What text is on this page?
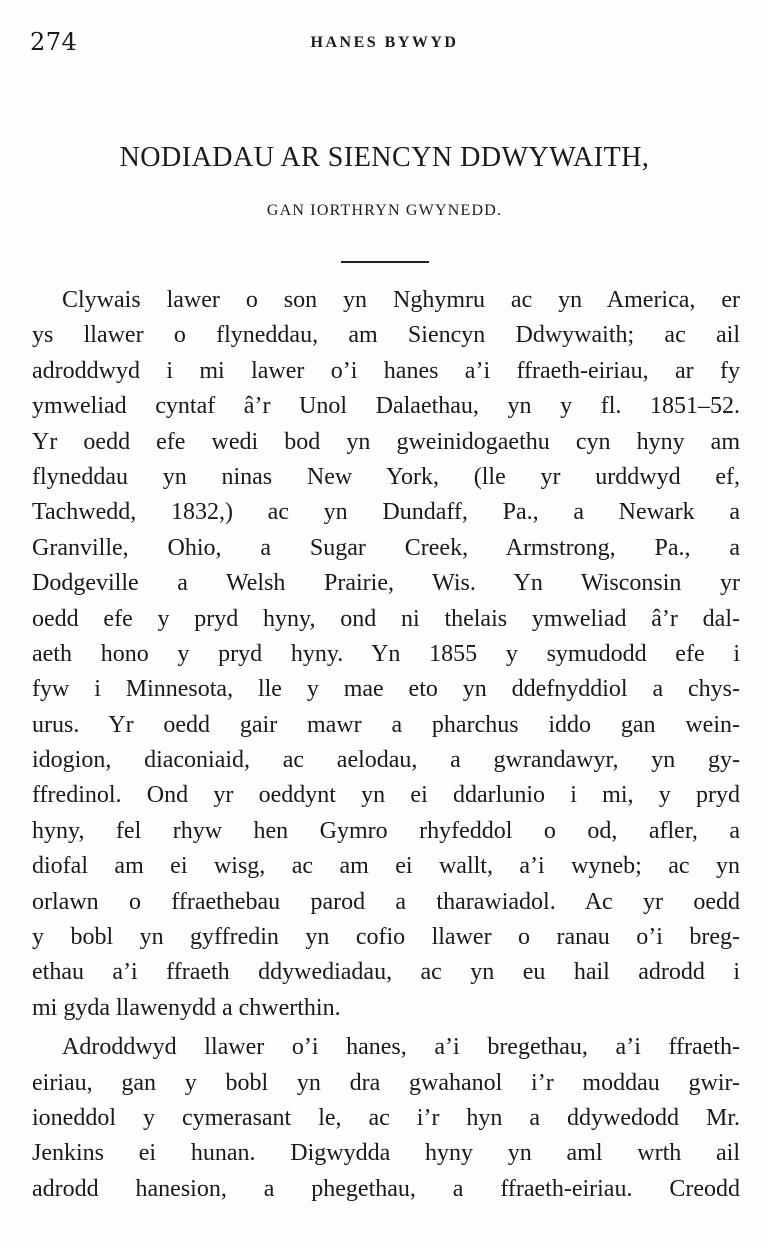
274	HANES BYWYD
NODIADAU AR SIENCYN DDWYWAITH,
GAN IORTHRYN GWYNEDD.
Clywais lawer o son yn Nghymru ac yn America, er
ys llawer o flyneddau, am Siencyn Ddwywaith; ac ail
adroddwyd i mi lawer o’i hanes a’i ffraeth-eiriau, ar fy
ymweliad cyntaf â’r Unol Dalaethau, yn y fl. 1851–52.
Yr oedd efe wedi bod yn gweinidogaethu cyn hyny am
flyneddau yn ninas New York, (lle yr urddwyd ef,
Tachwedd, 1832,) ac yn Dundaff, Pa., a Newark a
Granville, Ohio, a Sugar Creek, Armstrong, Pa., a
Dodgeville a Welsh Prairie, Wis. Yn Wisconsin yr
oedd efe y pryd hyny, ond ni thelais ymweliad â’r dal-
aeth hono y pryd hyny. Yn 1855 y symudodd efe i
fyw i Minnesota, lle y mae eto yn ddefnyddiol a chys-
urus. Yr oedd gair mawr a pharchus iddo gan wein-
idogion, diaconiaid, ac aelodau, a gwrandawyr, yn gy-
ffredinol. Ond yr oeddynt yn ei ddarlunio i mi, y pryd
hyny, fel rhyw hen Gymro rhyfeddol o od, afler, a
diofal am ei wisg, ac am ei wallt, a’i wyneb; ac yn
orlawn o ffraethebau parod a tharawiadol. Ac yr oedd
y bobl yn gyffredin yn cofio llawer o ranau o’i breg-
ethau a’i ffraeth ddywediadau, ac yn eu hail adrodd i
mi gyda llawenydd a chwerthin.
Adroddwyd llawer o’i hanes, a’i bregethau, a’i ffraeth-
eiriau, gan y bobl yn dra gwahanol i’r moddau gwir-
ioneddol y cymerasant le, ac i’r hyn a ddywedodd Mr.
Jenkins ei hunan. Digwydda hyny yn aml wrth ail
adrodd hanesion, a phegethau, a ffraeth-eiriau. Creodd
